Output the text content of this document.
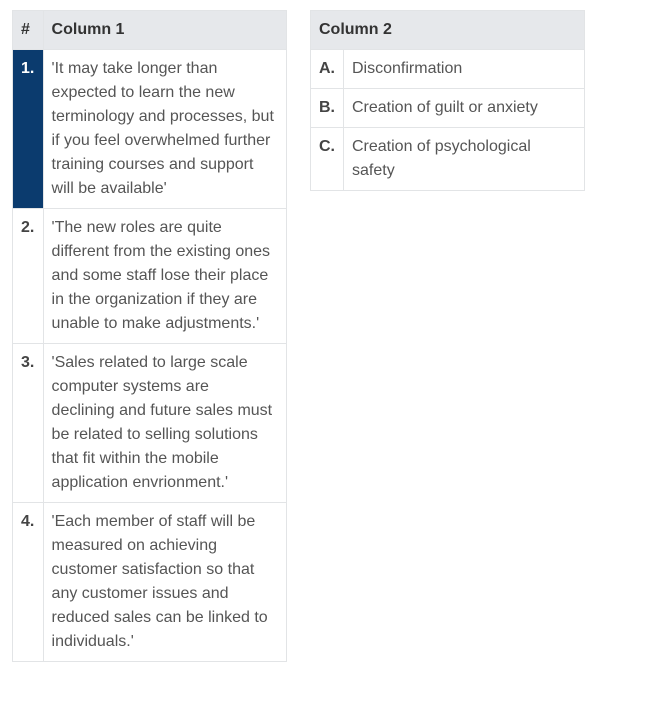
#	Column 1
1.	'It may take longer than expected to learn the new terminology and processes, but if you feel overwhelmed further training courses and support will be available'
2.	'The new roles are quite different from the existing ones and some staff lose their place in the organization if they are unable to make adjustments.'
3.	'Sales related to large scale computer systems are declining and future sales must be related to selling solutions that fit within the mobile application envrionment.'
4.	'Each member of staff will be measured on achieving customer satisfaction so that any customer issues and reduced sales can be linked to individuals.'
Column 2	
A.	Disconfirmation
B.	Creation of guilt or anxiety
C.	Creation of psychological safety
